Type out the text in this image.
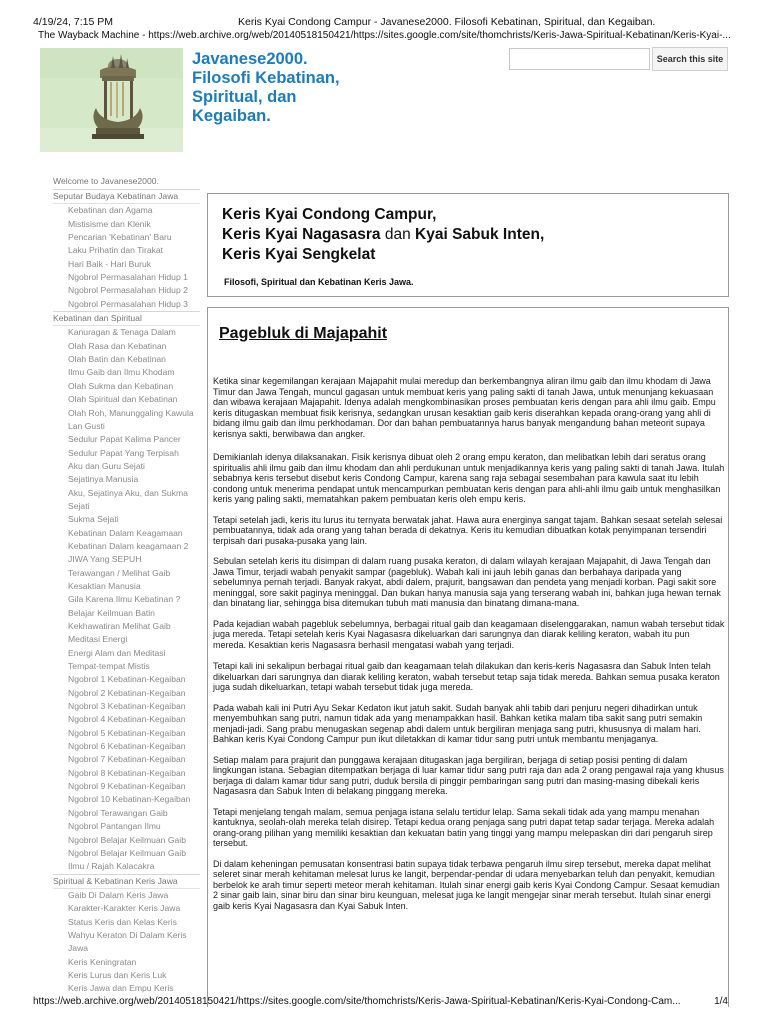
4/19/24, 7:15 PM	Keris Kyai Condong Campur - Javanese2000. Filosofi Kebatinan, Spiritual, dan Kegaiban.
The Wayback Machine - https://web.archive.org/web/20140518150421/https://sites.google.com/site/thomchrists/Keris-Jawa-Spiritual-Kebatinan/Keris-Kyai-...
Javanese2000.
Filosofi Kebatinan,
Spiritual, dan
Kegaiban.
Search this site
Welcome to Javanese2000.
Seputar Budaya Kebatinan Jawa
Kebatinan dan Agama
Mistisisme dan Klenik
Pencarian 'Kebatinan' Baru
Laku Prihatin dan Tirakat
Hari Baik - Hari Buruk
Ngobrol Permasalahan Hidup 1
Ngobrol Permasalahan Hidup 2
Ngobrol Permasalahan Hidup 3
Kebatinan dan Spiritual
Kanuragan & Tenaga Dalam
Olah Rasa dan Kebatinan
Olah Batin dan Kebatinan
Ilmu Gaib dan Ilmu Khodam
Olah Sukma dan Kebatinan
Olah Spiritual dan Kebatinan
Olah Roh, Manunggaling Kawula Lan Gusti
Sedulur Papat Kalima Pancer
Sedulur Papat Yang Terpisah
Aku dan Guru Sejati
Sejatinya Manusia
Aku, Sejatinya Aku, dan Sukma Sejati
Sukma Sejati
Kebatinan Dalam Keagamaan
Kebatinan Dalam keagamaan 2
JIWA Yang SEPUH
Terawangan / Melihat Gaib
Kesaktian Manusia
Gila Karena Ilmu Kebatinan ?
Belajar Keilmuan Batin
Kekhawatiran Melihat Gaib
Meditasi Energi
Energi Alam dan Meditasi
Tempat-tempat Mistis
Ngobrol 1 Kebatinan-Kegaiban
Ngobrol 2 Kebatinan-Kegaiban
Ngobrol 3 Kebatinan-Kegaiban
Ngobrol 4 Kebatinan-Kegaiban
Ngobrol 5 Kebatinan-Kegaiban
Ngobrol 6 Kebatinan-Kegaiban
Ngobrol 7 Kebatinan-Kegaiban
Ngobrol 8 Kebatinan-Kegaiban
Ngobrol 9 Kebatinan-Kegaiban
Ngobrol 10 Kebatinan-Kegaiban
Ngobrol Terawangan Gaib
Ngobrol Pantangan Ilmu
Ngobrol Belajar Keilmuan Gaib
Ngobrol Belajar Keilmuan Gaib
Ilmu / Rajah Kalacakra
Spiritual & Kebatinan Keris Jawa
Gaib Di Dalam Keris Jawa
Karakter-Karakter Keris Jawa
Status Keris dan Kelas Keris
Wahyu Keraton Di Dalam Keris Jawa
Keris Keningratan
Keris Lurus dan Keris Luk
Keris Jawa dan Empu Keris
Keris Kyai Condong Campur,
Keris Kyai Nagasasra dan Kyai Sabuk Inten,
Keris Kyai Sengkelat
Filosofi, Spiritual dan Kebatinan Keris Jawa.
Pagebluk di Majapahit

Ketika sinar kegemilangan kerajaan Majapahit mulai meredup dan berkembangnya aliran ilmu gaib dan ilmu khodam di Jawa Timur dan Jawa Tengah, muncul gagasan untuk membuat keris yang paling sakti di tanah Jawa, untuk menunjang kekuasaan dan wibawa kerajaan Majapahit. Idenya adalah mengkombinasikan proses pembuatan keris dengan para ahli ilmu gaib. Empu keris ditugaskan membuat fisik kerisnya, sedangkan urusan kesaktian gaib keris diserahkan kepada orang-orang yang ahli di bidang ilmu gaib dan ilmu perkhodaman. Dor dan bahan pembuatannya harus banyak mengandung bahan meteorit supaya kerisnya sakti, berwibawa dan angker.

Demikianlah idenya dilaksanakan. Fisik kerisnya dibuat oleh 2 orang empu keraton, dan melibatkan lebih dari seratus orang spiritualis ahli ilmu gaib dan ilmu khodam dan ahli perdukunan untuk menjadikannya keris yang paling sakti di tanah Jawa. Itulah sebabnya keris tersebut disebut keris Condong Campur, karena sang raja sebagai sesembahan para kawula saat itu lebih condong untuk menerima pendapat untuk mencampurkan pembuatan keris dengan para ahli-ahli ilmu gaib untuk menghasilkan keris yang paling sakti, mematahkan pakem pembuatan keris oleh empu keris.

Tetapi setelah jadi, keris itu lurus itu ternyata berwatak jahat. Hawa aura energinya sangat tajam. Bahkan sesaat setelah selesai pembuatannya, tidak ada orang yang tahan berada di dekatnya. Keris itu kemudian dibuatkan kotak penyimpanan tersendiri terpisah dari pusaka-pusaka yang lain.

Sebulan setelah keris itu disimpan di dalam ruang pusaka keraton, di dalam wilayah kerajaan Majapahit, di Jawa Tengah dan Jawa Timur, terjadi wabah penyakit sampar (pagebluk). Wabah kali ini jauh lebih ganas dan berbahaya daripada yang sebelumnya pernah terjadi. Banyak rakyat, abdi dalem, prajurit, bangsawan dan pendeta yang menjadi korban. Pagi sakit sore meninggal, sore sakit paginya meninggal. Dan bukan hanya manusia saja yang terserang wabah ini, bahkan juga hewan ternak dan binatang liar, sehingga bisa ditemukan tubuh mati manusia dan binatang dimana-mana.

Pada kejadian wabah pagebluk sebelumnya, berbagai ritual gaib dan keagamaan diselenggarakan, namun wabah tersebut tidak juga mereda. Tetapi setelah keris Kyai Nagasasra dikeluarkan dari sarungnya dan diarak keliling keraton, wabah itu pun mereda. Kesaktian keris Nagasasra berhasil mengatasi wabah yang terjadi.

Tetapi kali ini sekalipun berbagai ritual gaib dan keagamaan telah dilakukan dan keris-keris Nagasasra dan Sabuk Inten telah dikeluarkan dari sarungnya dan diarak keliling keraton, wabah tersebut tetap saja tidak mereda. Bahkan semua pusaka keraton juga sudah dikeluarkan, tetapi wabah tersebut tidak juga mereda.

Pada wabah kali ini Putri Ayu Sekar Kedaton ikut jatuh sakit. Sudah banyak ahli tabib dari penjuru negeri dihadirkan untuk menyembuhkan sang putri, namun tidak ada yang menampakkan hasil. Bahkan ketika malam tiba sakit sang putri semakin menjadi-jadi. Sang prabu menugaskan segenap abdi dalem untuk bergiliran menjaga sang putri, khususnya di malam hari. Bahkan keris Kyai Condong Campur pun ikut diletakkan di kamar tidur sang putri untuk membantu menjaganya.

Setiap malam para prajurit dan punggawa kerajaan ditugaskan jaga bergiliran, berjaga di setiap posisi penting di dalam lingkungan istana. Sebagian ditempatkan berjaga di luar kamar tidur sang putri raja dan ada 2 orang pengawal raja yang khusus berjaga di dalam kamar tidur sang putri, duduk bersila di pinggir pembaringan sang putri dan masing-masing dibekali keris Nagasasra dan Sabuk Inten di belakang pinggang mereka.

Tetapi menjelang tengah malam, semua penjaga istana selalu tertidur lelap. Sama sekali tidak ada yang mampu menahan kantuknya, seolah-olah mereka telah disirep. Tetapi kedua orang penjaga sang putri dapat tetap sadar terjaga. Mereka adalah orang-orang pilihan yang memiliki kesaktian dan kekuatan batin yang tinggi yang mampu melepaskan diri dari pengaruh sirep tersebut.

Di dalam keheningan pemusatan konsentrasi batin supaya tidak terbawa pengaruh ilmu sirep tersebut, mereka dapat melihat seleret sinar merah kehitaman melesat lurus ke langit, berpendar-pendar di udara menyebarkan teluh dan penyakit, kemudian berbelok ke arah timur seperti meteor merah kehitaman. Itulah sinar energi gaib keris Kyai Condong Campur. Sesaat kemudian 2 sinar gaib lain, sinar biru dan sinar biru keunguan, melesat juga ke langit mengejar sinar merah tersebut. Itulah sinar energi gaib keris Kyai Nagasasra dan Kyai Sabuk Inten.

https://web.archive.org/web/20140518150421/https://sites.google.com/site/thomchrists/Keris-Jawa-Spiritual-Kebatinan/Keris-Kyai-Condong-Cam...	1/4
